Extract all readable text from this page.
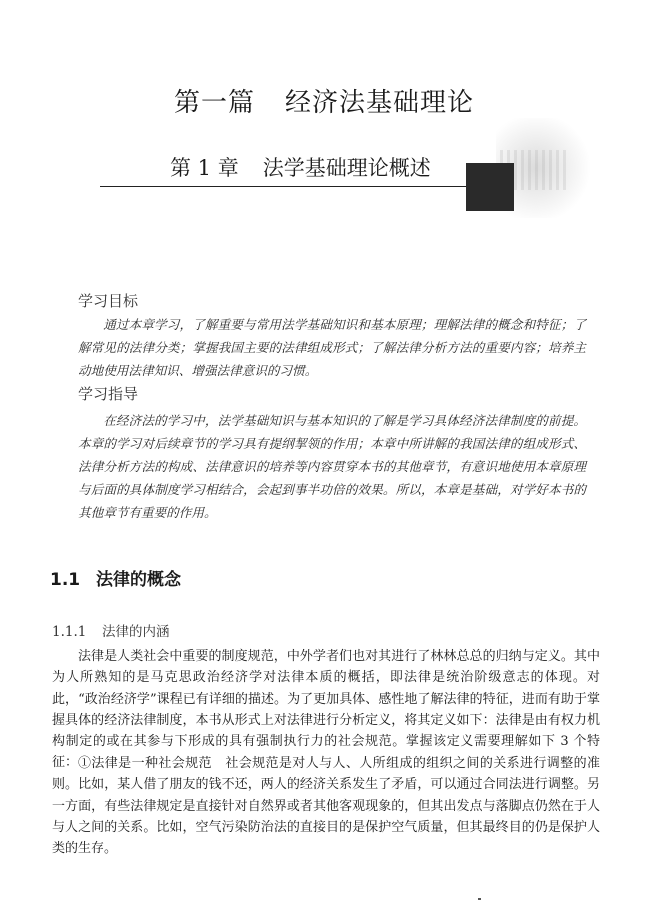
第一篇 经济法基础理论
第 1 章 法学基础理论概述
学习目标

通过本章学习，了解重要与常用法学基础知识和基本原理；理解法律的概念和特征；了解常见的法律分类；掌握我国主要的法律组成形式；了解法律分析方法的重要内容；培养主动地使用法律知识、增强法律意识的习惯。

学习指导

在经济法的学习中，法学基础知识与基本知识的了解是学习具体经济法律制度的前提。本章的学习对后续章节的学习具有提纲挈领的作用；本章中所讲解的我国法律的组成形式、法律分析方法的构成、法律意识的培养等内容贯穿本书的其他章节，有意识地使用本章原理与后面的具体制度学习相结合，会起到事半功倍的效果。所以，本章是基础，对学好本书的其他章节有重要的作用。

1.1 法律的概念
1.1.1 法律的内涵

法律是人类社会中重要的制度规范，中外学者们也对其进行了林林总总的归纳与定义。其中为人所熟知的是马克思政治经济学对法律本质的概括，即法律是统治阶级意志的体现。对此，“政治经济学”课程已有详细的描述。为了更加具体、感性地了解法律的特征，进而有助于掌握具体的经济法律制度，本书从形式上对法律进行分析定义，将其定义如下：法律是由有权力机构制定的或在其参与下形成的具有强制执行力的社会规范。掌握该定义需要理解如下 3 个特征： ①法律是一种社会规范　社会规范是对人与人、人所组成的组织之间的关系进行调整的准则。比如，某人借了朋友的钱不还，两人的经济关系发生了矛盾，可以通过合同法进行调整。另一方面，有些法律规定是直接针对自然界或者其他客观现象的，但其出发点与落脚点仍然在于人与人之间的关系。比如，空气污染防治法的直接目的是保护空气质量，但其最终目的仍是保护人类的生存。
